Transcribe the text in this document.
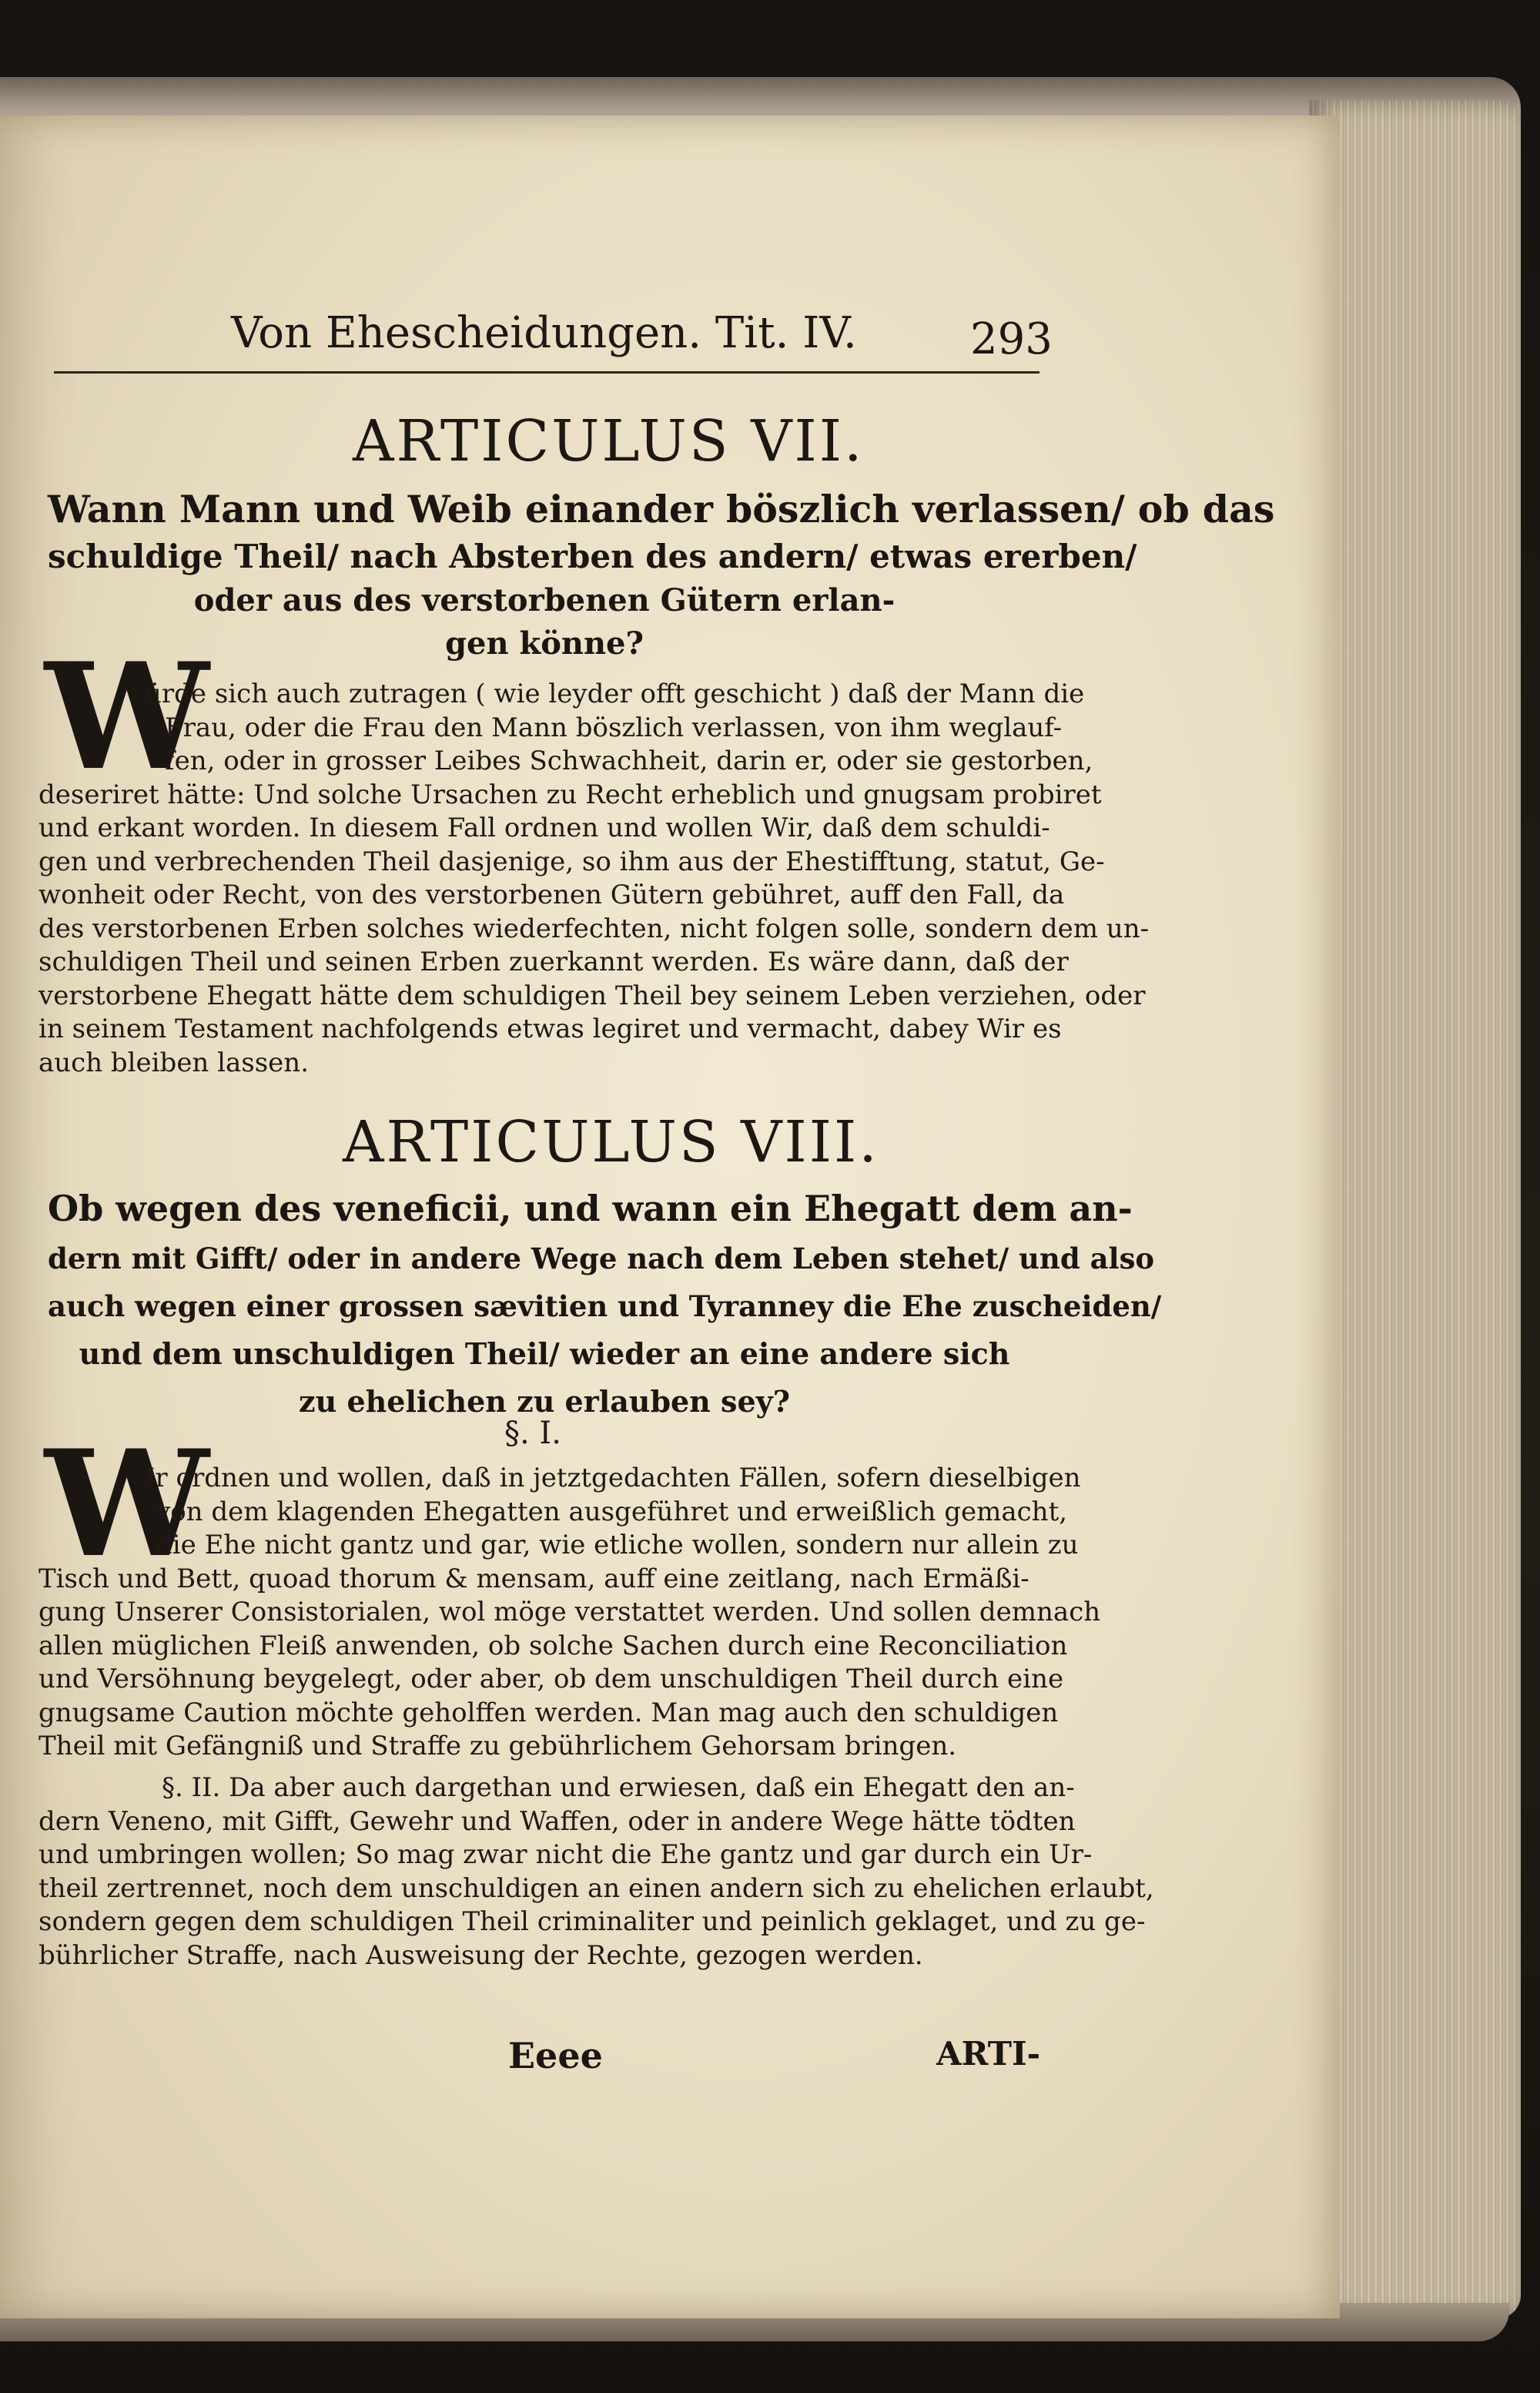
Von Ehescheidungen. Tit. IV.	293
ARTICULUS VII.

Wann Mann und Weib einander böszlich verlassen/ ob das

schuldige Theil/ nach Absterben des andern/ etwas ererben/

oder aus des verstorbenen Gütern erlan-

gen könne?

W

ürde sich auch zutragen ( wie leyder offt geschicht ) daß der Mann die

Frau, oder die Frau den Mann böszlich verlassen, von ihm weglauf-

fen, oder in grosser Leibes Schwachheit, darin er, oder sie gestorben,

deseriret hätte: Und solche Ursachen zu Recht erheblich und gnugsam probiret

und erkant worden. In diesem Fall ordnen und wollen Wir, daß dem schuldi-

gen und verbrechenden Theil dasjenige, so ihm aus der Ehestifftung, statut, Ge-

wonheit oder Recht, von des verstorbenen Gütern gebühret, auff den Fall, da

des verstorbenen Erben solches wiederfechten, nicht folgen solle, sondern dem un-

schuldigen Theil und seinen Erben zuerkannt werden. Es wäre dann, daß der

verstorbene Ehegatt hätte dem schuldigen Theil bey seinem Leben verziehen, oder

in seinem Testament nachfolgends etwas legiret und vermacht, dabey Wir es

auch bleiben lassen.

ARTICULUS VIII.

Ob wegen des veneficii, und wann ein Ehegatt dem an-

dern mit Gifft/ oder in andere Wege nach dem Leben stehet/ und also

auch wegen einer grossen sævitien und Tyranney die Ehe zuscheiden/

und dem unschuldigen Theil/ wieder an eine andere sich

zu ehelichen zu erlauben sey?

§. I.
W

Ir ordnen und wollen, daß in jetztgedachten Fällen, sofern dieselbigen

von dem klagenden Ehegatten ausgeführet und erweißlich gemacht,

die Ehe nicht gantz und gar, wie etliche wollen, sondern nur allein zu

Tisch und Bett, quoad thorum & mensam, auff eine zeitlang, nach Ermäßi-

gung Unserer Consistorialen, wol möge verstattet werden. Und sollen demnach

allen müglichen Fleiß anwenden, ob solche Sachen durch eine Reconciliation

und Versöhnung beygelegt, oder aber, ob dem unschuldigen Theil durch eine

gnugsame Caution möchte geholffen werden. Man mag auch den schuldigen

Theil mit Gefängniß und Straffe zu gebührlichem Gehorsam bringen.

§. II. Da aber auch dargethan und erwiesen, daß ein Ehegatt den an-

dern Veneno, mit Gifft, Gewehr und Waffen, oder in andere Wege hätte tödten

und umbringen wollen; So mag zwar nicht die Ehe gantz und gar durch ein Ur-

theil zertrennet, noch dem unschuldigen an einen andern sich zu ehelichen erlaubt,

sondern gegen dem schuldigen Theil criminaliter und peinlich geklaget, und zu ge-

bührlicher Straffe, nach Ausweisung der Rechte, gezogen werden.

Eeee	ARTI-
